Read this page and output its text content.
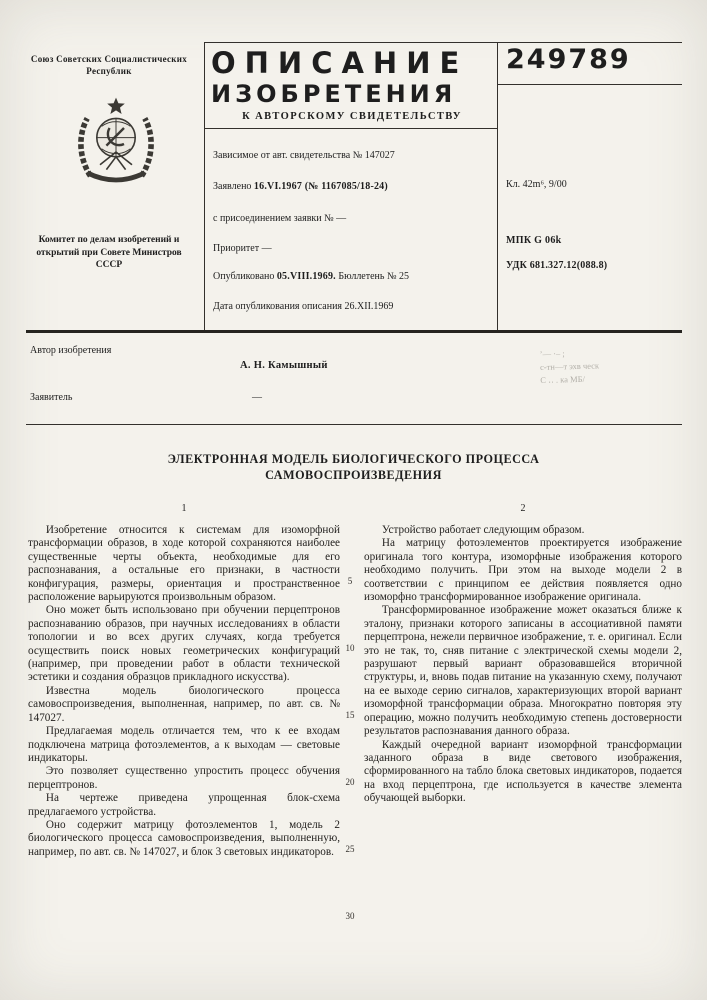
Союз Советских Социалистических Республик
Комитет по делам изобретений и открытий при Совете Министров СССР
ОПИСАНИЕ
ИЗОБРЕТЕНИЯ
К АВТОРСКОМУ СВИДЕТЕЛЬСТВУ
Зависимое от авт. свидетельства № 147027
Заявлено 16.VI.1967 (№ 1167085/18-24)
с присоединением заявки № —
Приоритет —
Опубликовано 05.VIII.1969. Бюллетень № 25
Дата опубликования описания 26.XII.1969
249789
Кл. 42m⁶, 9/00
МПК G 06k
УДК 681.327.12(088.8)
Автор изобретения
А. Н. Камышный
Заявитель	—
ʼ— ·– ;
с-тн—т эхв ческ
С ‥ . ка МБ/
ЭЛЕКТРОННАЯ МОДЕЛЬ БИОЛОГИЧЕСКОГО ПРОЦЕССА
САМОВОСПРОИЗВЕДЕНИЯ
1	2
5
10
15
20
25
30

Изобретение относится к системам для изоморфной трансформации образов, в ходе которой сохраняются наиболее существенные черты объекта, необходимые для его распознавания, а остальные его признаки, в частности конфигурация, размеры, ориентация и пространственное расположение варьируются произвольным образом.

Оно может быть использовано при обучении перцептронов распознаванию образов, при научных исследованиях в области топологии и во всех других случаях, когда требуется осуществить поиск новых геометрических конфигураций (например, при проведении работ в области технической эстетики и создания образцов прикладного искусства).

Известна модель биологического процесса самовоспроизведения, выполненная, например, по авт. св. № 147027.

Предлагаемая модель отличается тем, что к ее входам подключена матрица фотоэлементов, а к выходам — световые индикаторы.

Это позволяет существенно упростить процесс обучения перцептронов.

На чертеже приведена упрощенная блок-схема предлагаемого устройства.

Оно содержит матрицу фотоэлементов 1, модель 2 биологического процесса самовоспроизведения, выполненную, например, по авт. св. № 147027, и блок 3 световых индикаторов.

Устройство работает следующим образом.

На матрицу фотоэлементов проектируется изображение оригинала того контура, изоморфные изображения которого необходимо получить. При этом на выходе модели 2 в соответствии с принципом ее действия появляется одно изоморфно трансформированное изображение оригинала.

Трансформированное изображение может оказаться ближе к эталону, признаки которого записаны в ассоциативной памяти перцептрона, нежели первичное изображение, т. е. оригинал. Если это не так, то, сняв питание с электрической схемы модели 2, разрушают первый вариант образовавшейся вторичной структуры, и, вновь подав питание на указанную схему, получают на ее выходе серию сигналов, характеризующих второй вариант изоморфной трансформации образа. Многократно повторяя эту операцию, можно получить необходимую степень достоверности результатов распознавания данного образа.

Каждый очередной вариант изоморфной трансформации заданного образа в виде светового изображения, сформированного на табло блока световых индикаторов, подается на вход перцептрона, где используется в качестве элемента обучающей выборки.
